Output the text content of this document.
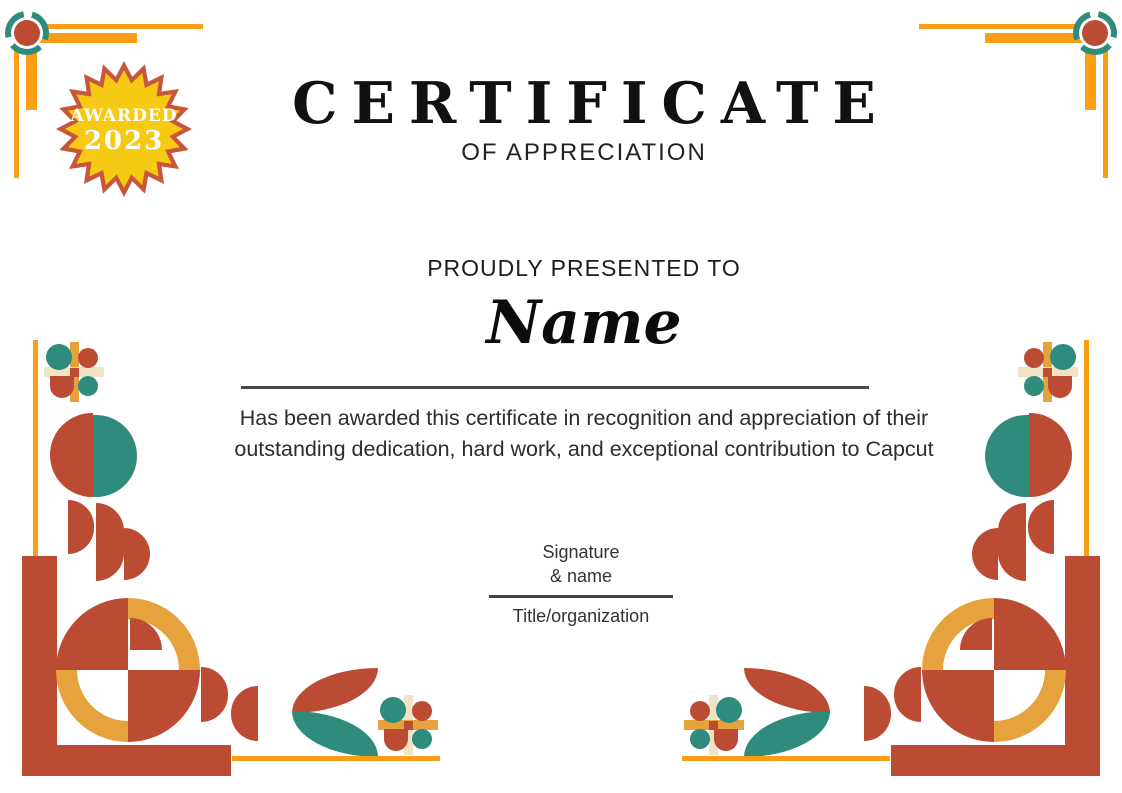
AWARDED
2023
CERTIFICATE
OF APPRECIATION
PROUDLY PRESENTED TO
Name
Has been awarded this certificate in recognition and appreciation of their
outstanding dedication, hard work, and exceptional contribution to Capcut
Signature
& name
Title/organization
